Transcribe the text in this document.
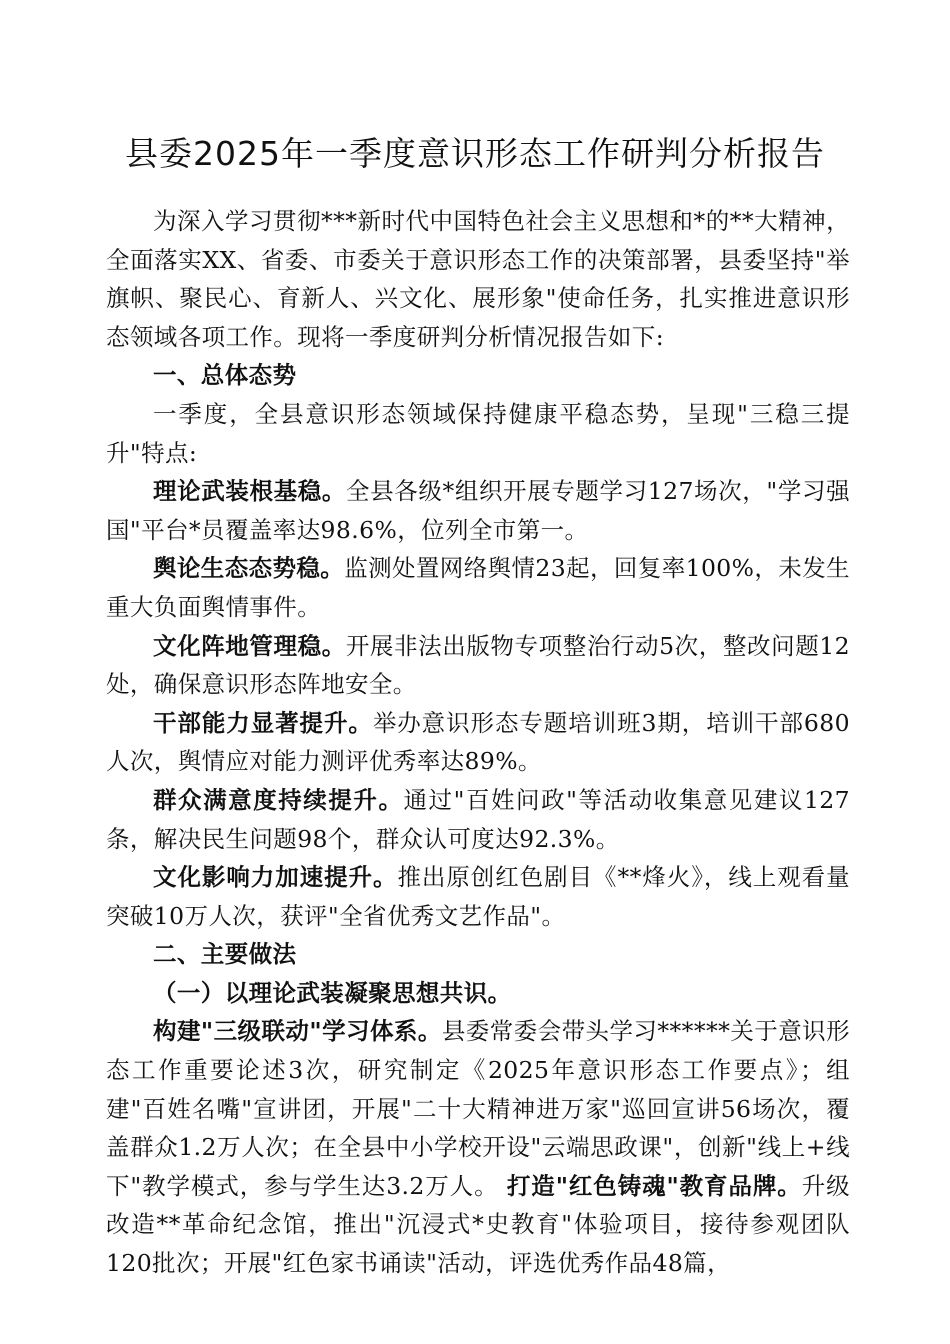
县委2025年一季度意识形态工作研判分析报告

为深入学习贯彻***新时代中国特色社会主义思想和*的**大精神，全面落实XX、省委、市委关于意识形态工作的决策部署，县委坚持"举旗帜、聚民心、育新人、兴文化、展形象"使命任务，扎实推进意识形态领域各项工作。现将一季度研判分析情况报告如下:

一、总体态势

一季度，全县意识形态领域保持健康平稳态势，呈现"三稳三提升"特点:

理论武装根基稳。全县各级*组织开展专题学习127场次，"学习强国"平台*员覆盖率达98.6%，位列全市第一。

舆论生态态势稳。监测处置网络舆情23起，回复率100%，未发生重大负面舆情事件。

文化阵地管理稳。开展非法出版物专项整治行动5次，整改问题12处，确保意识形态阵地安全。

干部能力显著提升。举办意识形态专题培训班3期，培训干部680人次，舆情应对能力测评优秀率达89%。

群众满意度持续提升。通过"百姓问政"等活动收集意见建议127条，解决民生问题98个，群众认可度达92.3%。

文化影响力加速提升。推出原创红色剧目《**烽火》，线上观看量突破10万人次，获评"全省优秀文艺作品"。

二、主要做法

（一）以理论武装凝聚思想共识。

构建"三级联动"学习体系。县委常委会带头学习******关于意识形态工作重要论述3次，研究制定《2025年意识形态工作要点》；组建"百姓名嘴"宣讲团，开展"二十大精神进万家"巡回宣讲56场次，覆盖群众1.2万人次；在全县中小学校开设"云端思政课"，创新"线上+线下"教学模式，参与学生达3.2万人。 打造"红色铸魂"教育品牌。升级改造**革命纪念馆，推出"沉浸式*史教育"体验项目，接待参观团队120批次；开展"红色家书诵读"活动，评选优秀作品48篇，
